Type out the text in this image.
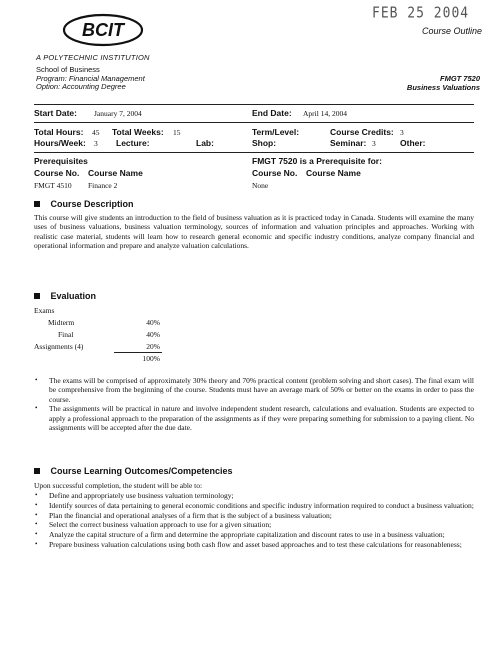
BCIT
A POLYTECHNIC INSTITUTION
School of Business
Program: Financial Management
Option: Accounting Degree
FEB 25 2004
Course Outline
FMGT 7520
Business Valuations
Start Date: January 7, 2004	End Date: April 14, 2004
Total Hours: 45 Total Weeks: 15	Term/Level:	Course Credits: 3
Hours/Week: 3 Lecture:	Lab:	Shop:	Seminar: 3	Other:
Prerequisites
Course No. Course Name
FMGT 4510 Finance 2
FMGT 7520 is a Prerequisite for:
Course No. Course Name
None
Course Description
This course will give students an introduction to the field of business valuation as it is practiced today in Canada. Students will examine the many uses of business valuations, business valuation terminology, sources of information and valuation principles and approaches. Working with realistic case material, students will learn how to research general economic and specific industry conditions, analyze company financial and operational information and prepare and analyze valuation calculations.
Evaluation
Exams
Midterm	40%
Final	40%
Assignments (4)	20%
100%
• The exams will be comprised of approximately 30% theory and 70% practical content (problem solving and short cases). The final exam will be comprehensive from the beginning of the course. Students must have an average mark of 50% or better on the exams in order to pass the course.
• The assignments will be practical in nature and involve independent student research, calculations and evaluation. Students are expected to apply a professional approach to the preparation of the assignments as if they were preparing something for submission to a paying client. No assignments will be accepted after the due date.
Course Learning Outcomes/Competencies
Upon successful completion, the student will be able to:
• Define and appropriately use business valuation terminology;
• Identify sources of data pertaining to general economic conditions and specific industry information required to conduct a business valuation;
• Plan the financial and operational analyses of a firm that is the subject of a business valuation;
• Select the correct business valuation approach to use for a given situation;
• Analyze the capital structure of a firm and determine the appropriate capitalization and discount rates to use in a business valuation;
• Prepare business valuation calculations using both cash flow and asset based approaches and to test these calculations for reasonableness;
